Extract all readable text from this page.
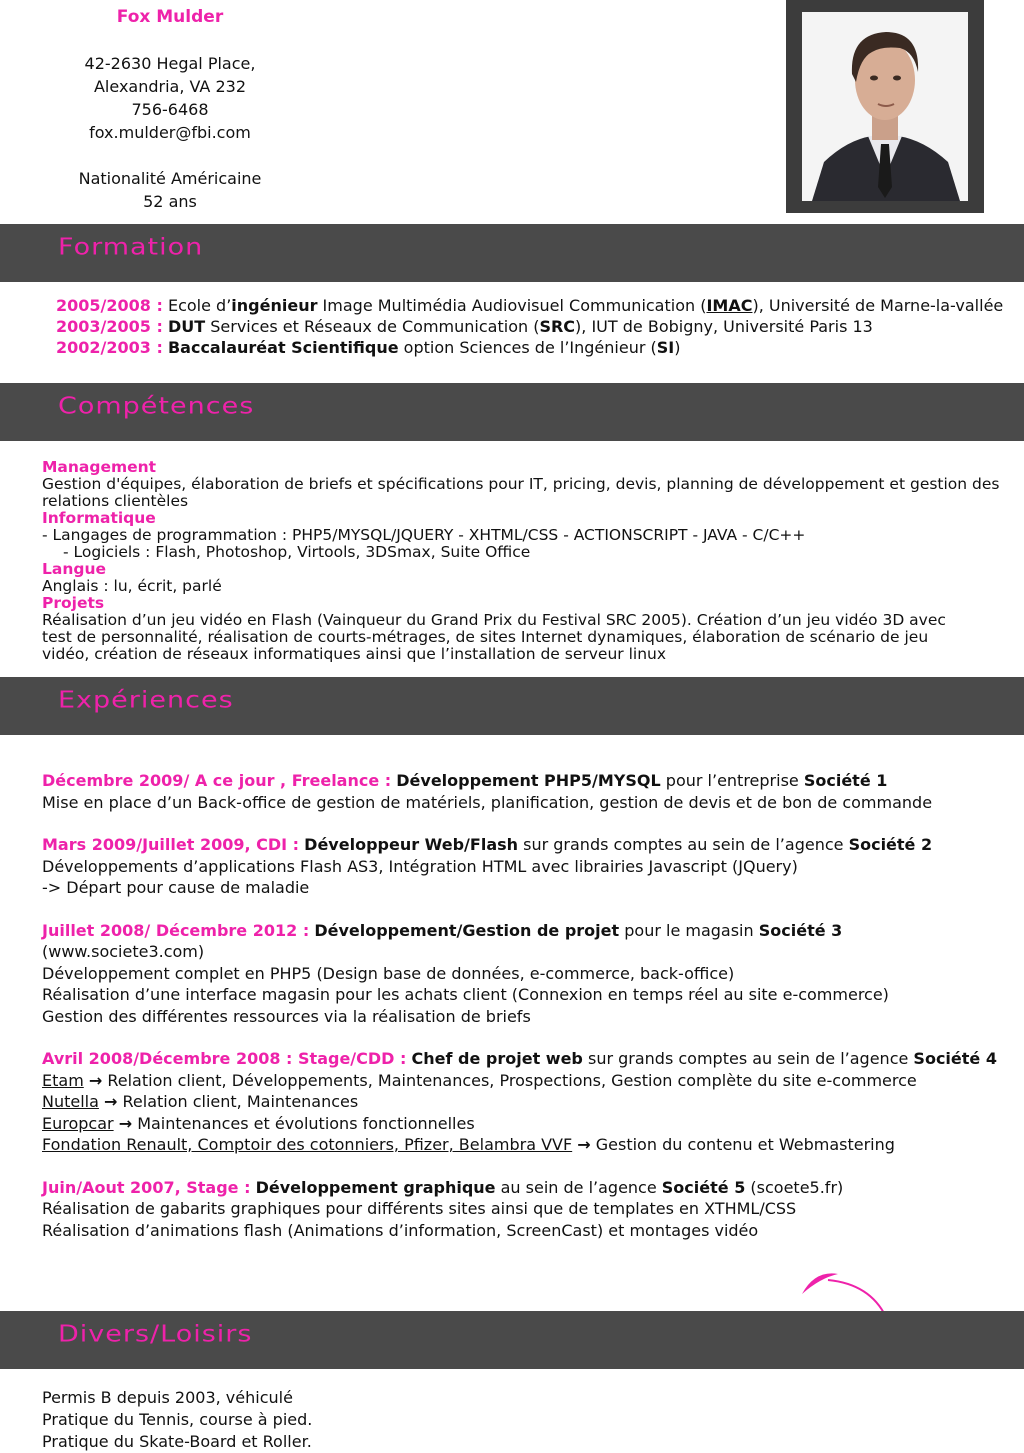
Fox Mulder
42-2630 Hegal Place,
Alexandria, VA 232
756-6468
fox.mulder@fbi.com
Nationalité Américaine
52 ans
Formation
2005/2008 : Ecole d’ingénieur Image Multimédia Audiovisuel Communication (IMAC), Université de Marne-la-vallée
2003/2005 : DUT Services et Réseaux de Communication (SRC), IUT de Bobigny, Université Paris 13
2002/2003 : Baccalauréat Scientifique option Sciences de l’Ingénieur (SI)
Compétences
Management
Gestion d'équipes, élaboration de briefs et spécifications pour IT, pricing, devis, planning de développement et gestion des relations clientèles
Informatique
- Langages de programmation : PHP5/MYSQL/JQUERY - XHTML/CSS - ACTIONSCRIPT - JAVA - C/C++
- Logiciels : Flash, Photoshop, Virtools, 3DSmax, Suite Office
Langue
Anglais : lu, écrit, parlé
Projets
Réalisation d’un jeu vidéo en Flash (Vainqueur du Grand Prix du Festival SRC 2005). Création d’un jeu vidéo 3D avec test de personnalité, réalisation de courts-métrages, de sites Internet dynamiques, élaboration de scénario de jeu vidéo, création de réseaux informatiques ainsi que l’installation de serveur linux
Expériences
Décembre 2009/ A ce jour , Freelance : Développement PHP5/MYSQL pour l’entreprise Société 1
Mise en place d’un Back-office de gestion de matériels, planification, gestion de devis et de bon de commande
Mars 2009/Juillet 2009, CDI : Développeur Web/Flash sur grands comptes au sein de l’agence Société 2
Développements d’applications Flash AS3, Intégration HTML avec librairies Javascript (JQuery)
-> Départ pour cause de maladie
Juillet 2008/ Décembre 2012 : Développement/Gestion de projet pour le magasin Société 3
(www.societe3.com)
Développement complet en PHP5 (Design base de données, e-commerce, back-office)
Réalisation d’une interface magasin pour les achats client (Connexion en temps réel au site e-commerce)
Gestion des différentes ressources via la réalisation de briefs
Avril 2008/Décembre 2008 : Stage/CDD : Chef de projet web sur grands comptes au sein de l’agence Société 4
Etam → Relation client, Développements, Maintenances, Prospections, Gestion complète du site e-commerce
Nutella → Relation client, Maintenances
Europcar → Maintenances et évolutions fonctionnelles
Fondation Renault, Comptoir des cotonniers, Pfizer, Belambra VVF → Gestion du contenu et Webmastering
Juin/Aout 2007, Stage : Développement graphique au sein de l’agence Société 5 (scoete5.fr)
Réalisation de gabarits graphiques pour différents sites ainsi que de templates en XTHML/CSS
Réalisation d’animations flash (Animations d’information, ScreenCast) et montages vidéo
Divers/Loisirs
Permis B depuis 2003, véhiculé
Pratique du Tennis, course à pied.
Pratique du Skate-Board et Roller.
